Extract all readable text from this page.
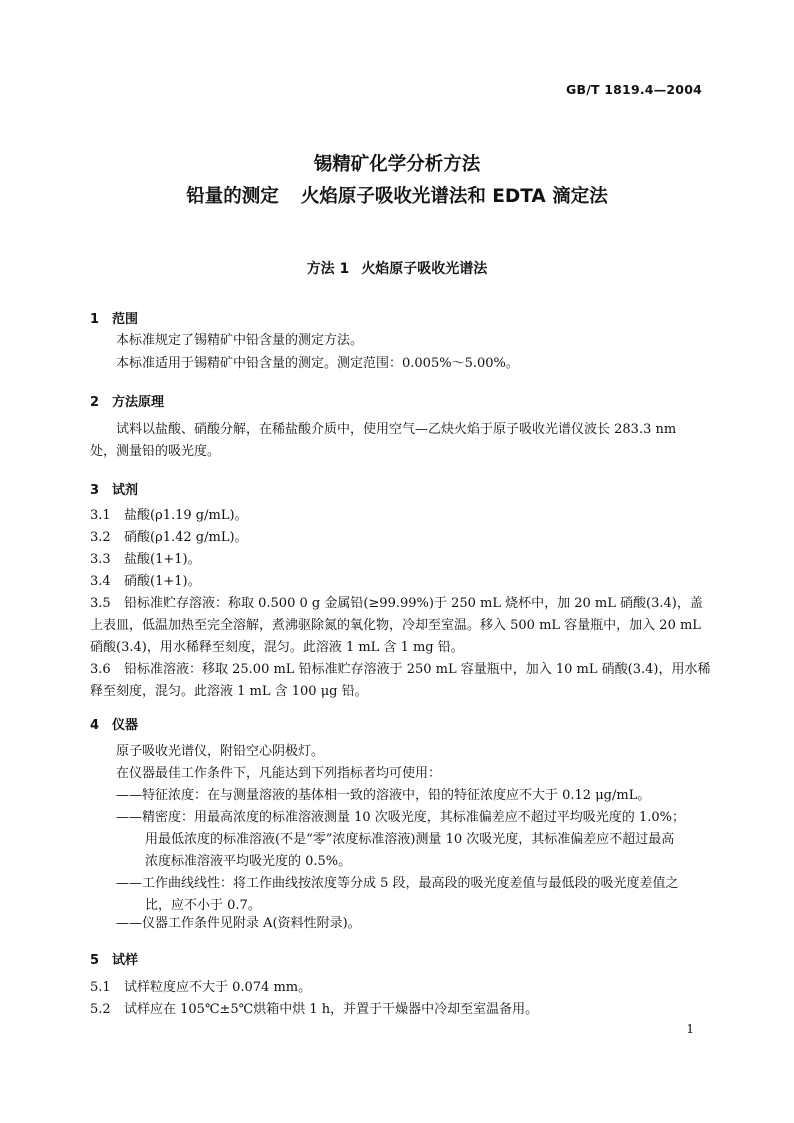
GB/T 1819.4—2004
锡精矿化学分析方法
铅量的测定 火焰原子吸收光谱法和 EDTA 滴定法
方法 1 火焰原子吸收光谱法
1 范围
本标准规定了锡精矿中铅含量的测定方法。
本标准适用于锡精矿中铅含量的测定。测定范围：0.005%～5.00%。
2 方法原理
试料以盐酸、硝酸分解，在稀盐酸介质中，使用空气—乙炔火焰于原子吸收光谱仪波长 283.3 nm
处，测量铅的吸光度。
3 试剂
3.1 盐酸(ρ1.19 g/mL)。
3.2 硝酸(ρ1.42 g/mL)。
3.3 盐酸(1+1)。
3.4 硝酸(1+1)。
3.5 铅标准贮存溶液：称取 0.500 0 g 金属铅(≥99.99%)于 250 mL 烧杯中，加 20 mL 硝酸(3.4)，盖
上表皿，低温加热至完全溶解，煮沸驱除氮的氧化物，冷却至室温。移入 500 mL 容量瓶中，加入 20 mL
硝酸(3.4)，用水稀释至刻度，混匀。此溶液 1 mL 含 1 mg 铅。
3.6 铅标准溶液：移取 25.00 mL 铅标准贮存溶液于 250 mL 容量瓶中，加入 10 mL 硝酸(3.4)，用水稀
释至刻度，混匀。此溶液 1 mL 含 100 μg 铅。
4 仪器
原子吸收光谱仪，附铅空心阴极灯。
在仪器最佳工作条件下，凡能达到下列指标者均可使用：
——特征浓度：在与测量溶液的基体相一致的溶液中，铅的特征浓度应不大于 0.12 μg/mL。
——精密度：用最高浓度的标准溶液测量 10 次吸光度，其标准偏差应不超过平均吸光度的 1.0%；
用最低浓度的标准溶液(不是“零”浓度标准溶液)测量 10 次吸光度，其标准偏差应不超过最高
浓度标准溶液平均吸光度的 0.5%。
——工作曲线线性：将工作曲线按浓度等分成 5 段，最高段的吸光度差值与最低段的吸光度差值之
比，应不小于 0.7。
——仪器工作条件见附录 A(资料性附录)。
5 试样
5.1 试样粒度应不大于 0.074 mm。
5.2 试样应在 105℃±5℃烘箱中烘 1 h，并置于干燥器中冷却至室温备用。
1
